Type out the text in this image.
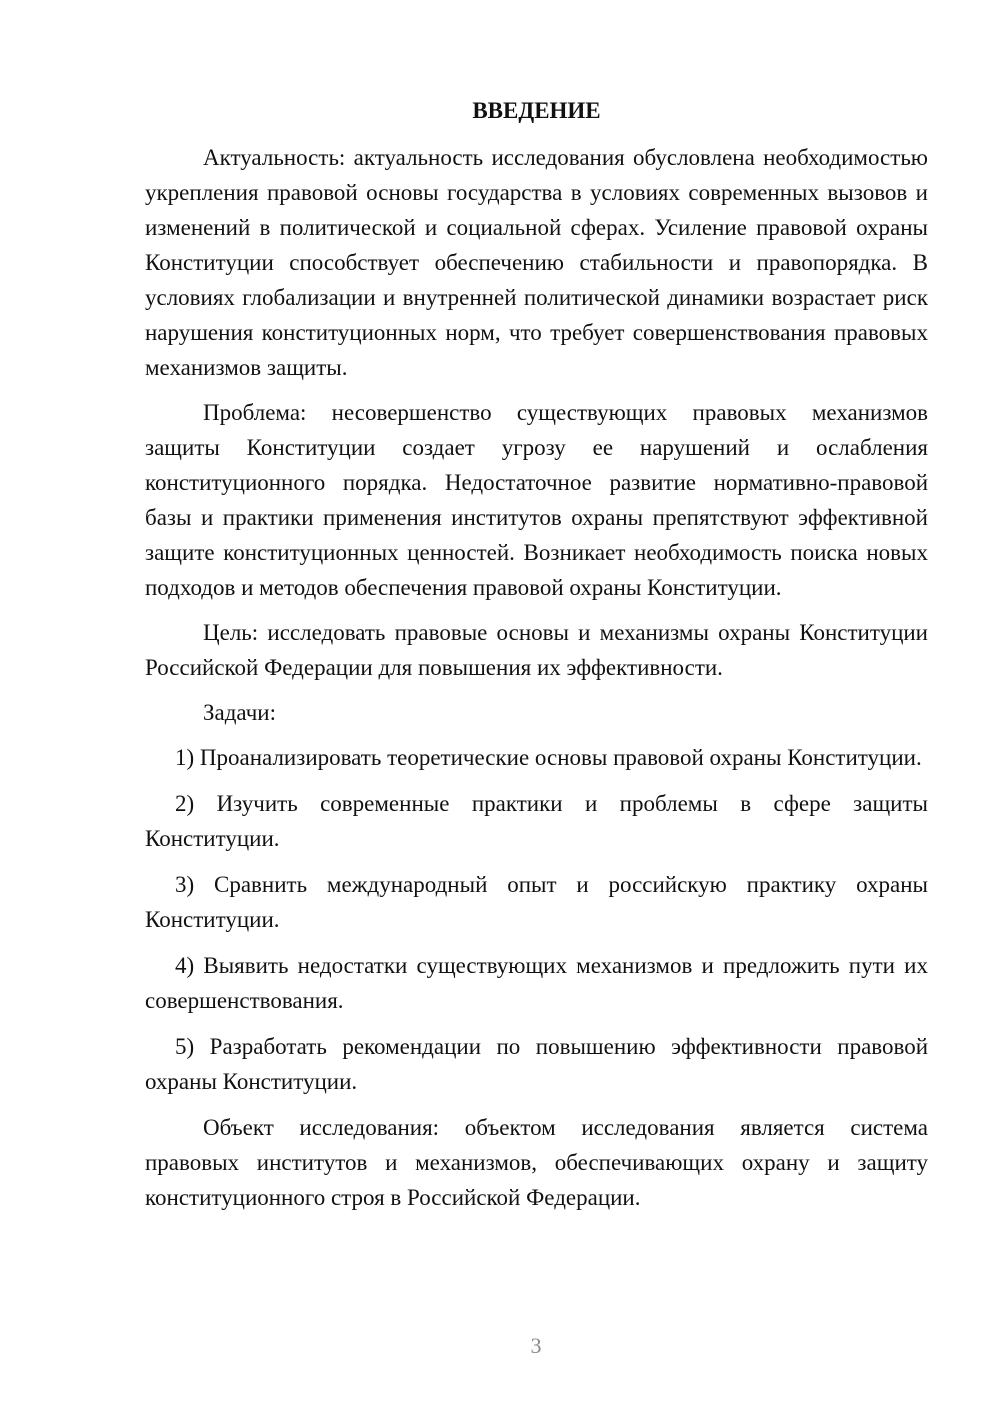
ВВЕДЕНИЕ

Актуальность: актуальность исследования обусловлена необходимостью укрепления правовой основы государства в условиях современных вызовов и изменений в политической и социальной сферах. Усиление правовой охраны Конституции способствует обеспечению стабильности и правопорядка. В условиях глобализации и внутренней политической динамики возрастает риск нарушения конституционных норм, что требует совершенствования правовых механизмов защиты.

Проблема: несовершенство существующих правовых механизмов защиты Конституции создает угрозу ее нарушений и ослабления конституционного порядка. Недостаточное развитие нормативно-правовой базы и практики применения институтов охраны препятствуют эффективной защите конституционных ценностей. Возникает необходимость поиска новых подходов и методов обеспечения правовой охраны Конституции.

Цель: исследовать правовые основы и механизмы охраны Конституции Российской Федерации для повышения их эффективности.

Задачи:

1) Проанализировать теоретические основы правовой охраны Конституции.

2) Изучить современные практики и проблемы в сфере защиты Конституции.

3) Сравнить международный опыт и российскую практику охраны Конституции.

4) Выявить недостатки существующих механизмов и предложить пути их совершенствования.

5) Разработать рекомендации по повышению эффективности правовой охраны Конституции.

Объект исследования: объектом исследования является система правовых институтов и механизмов, обеспечивающих охрану и защиту конституционного строя в Российской Федерации.

3
